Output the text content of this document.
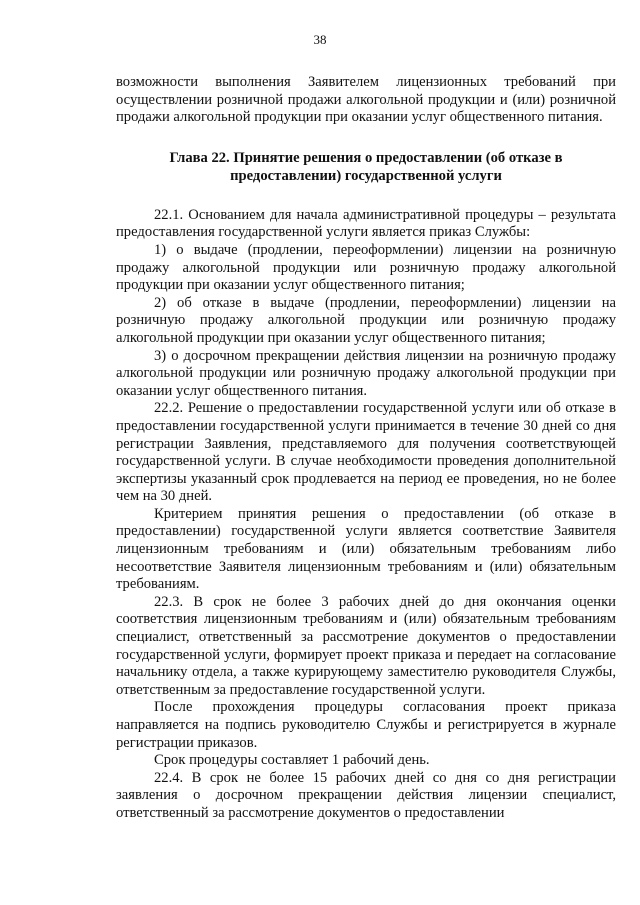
38

возможности выполнения Заявителем лицензионных требований при осуществлении розничной продажи алкогольной продукции и (или) розничной продажи алкогольной продукции при оказании услуг общественного питания.

Глава 22. Принятие решения о предоставлении (об отказе в
предоставлении) государственной услуги

22.1. Основанием для начала административной процедуры – результата предоставления государственной услуги является приказ Службы:

1) о выдаче (продлении, переоформлении) лицензии на розничную продажу алкогольной продукции или розничную продажу алкогольной продукции при оказании услуг общественного питания;

2) об отказе в выдаче (продлении, переоформлении) лицензии на розничную продажу алкогольной продукции или розничную продажу алкогольной продукции при оказании услуг общественного питания;

3) о досрочном прекращении действия лицензии на розничную продажу алкогольной продукции или розничную продажу алкогольной продукции при оказании услуг общественного питания.

22.2. Решение о предоставлении государственной услуги или об отказе в предоставлении государственной услуги принимается в течение 30 дней со дня регистрации Заявления, представляемого для получения соответствующей государственной услуги. В случае необходимости проведения дополнительной экспертизы указанный срок продлевается на период ее проведения, но не более чем на 30 дней.

Критерием принятия решения о предоставлении (об отказе в предоставлении) государственной услуги является соответствие Заявителя лицензионным требованиям и (или) обязательным требованиям либо несоответствие Заявителя лицензионным требованиям и (или) обязательным требованиям.

22.3. В срок не более 3 рабочих дней до дня окончания оценки соответствия лицензионным требованиям и (или) обязательным требованиям специалист, ответственный за рассмотрение документов о предоставлении государственной услуги, формирует проект приказа и передает на согласование начальнику отдела, а также курирующему заместителю руководителя Службы, ответственным за предоставление государственной услуги.

После прохождения процедуры согласования проект приказа направляется на подпись руководителю Службы и регистрируется в журнале регистрации приказов.

Срок процедуры составляет 1 рабочий день.

22.4. В срок не более 15 рабочих дней со дня со дня регистрации заявления о досрочном прекращении действия лицензии специалист, ответственный за рассмотрение документов о предоставлении
